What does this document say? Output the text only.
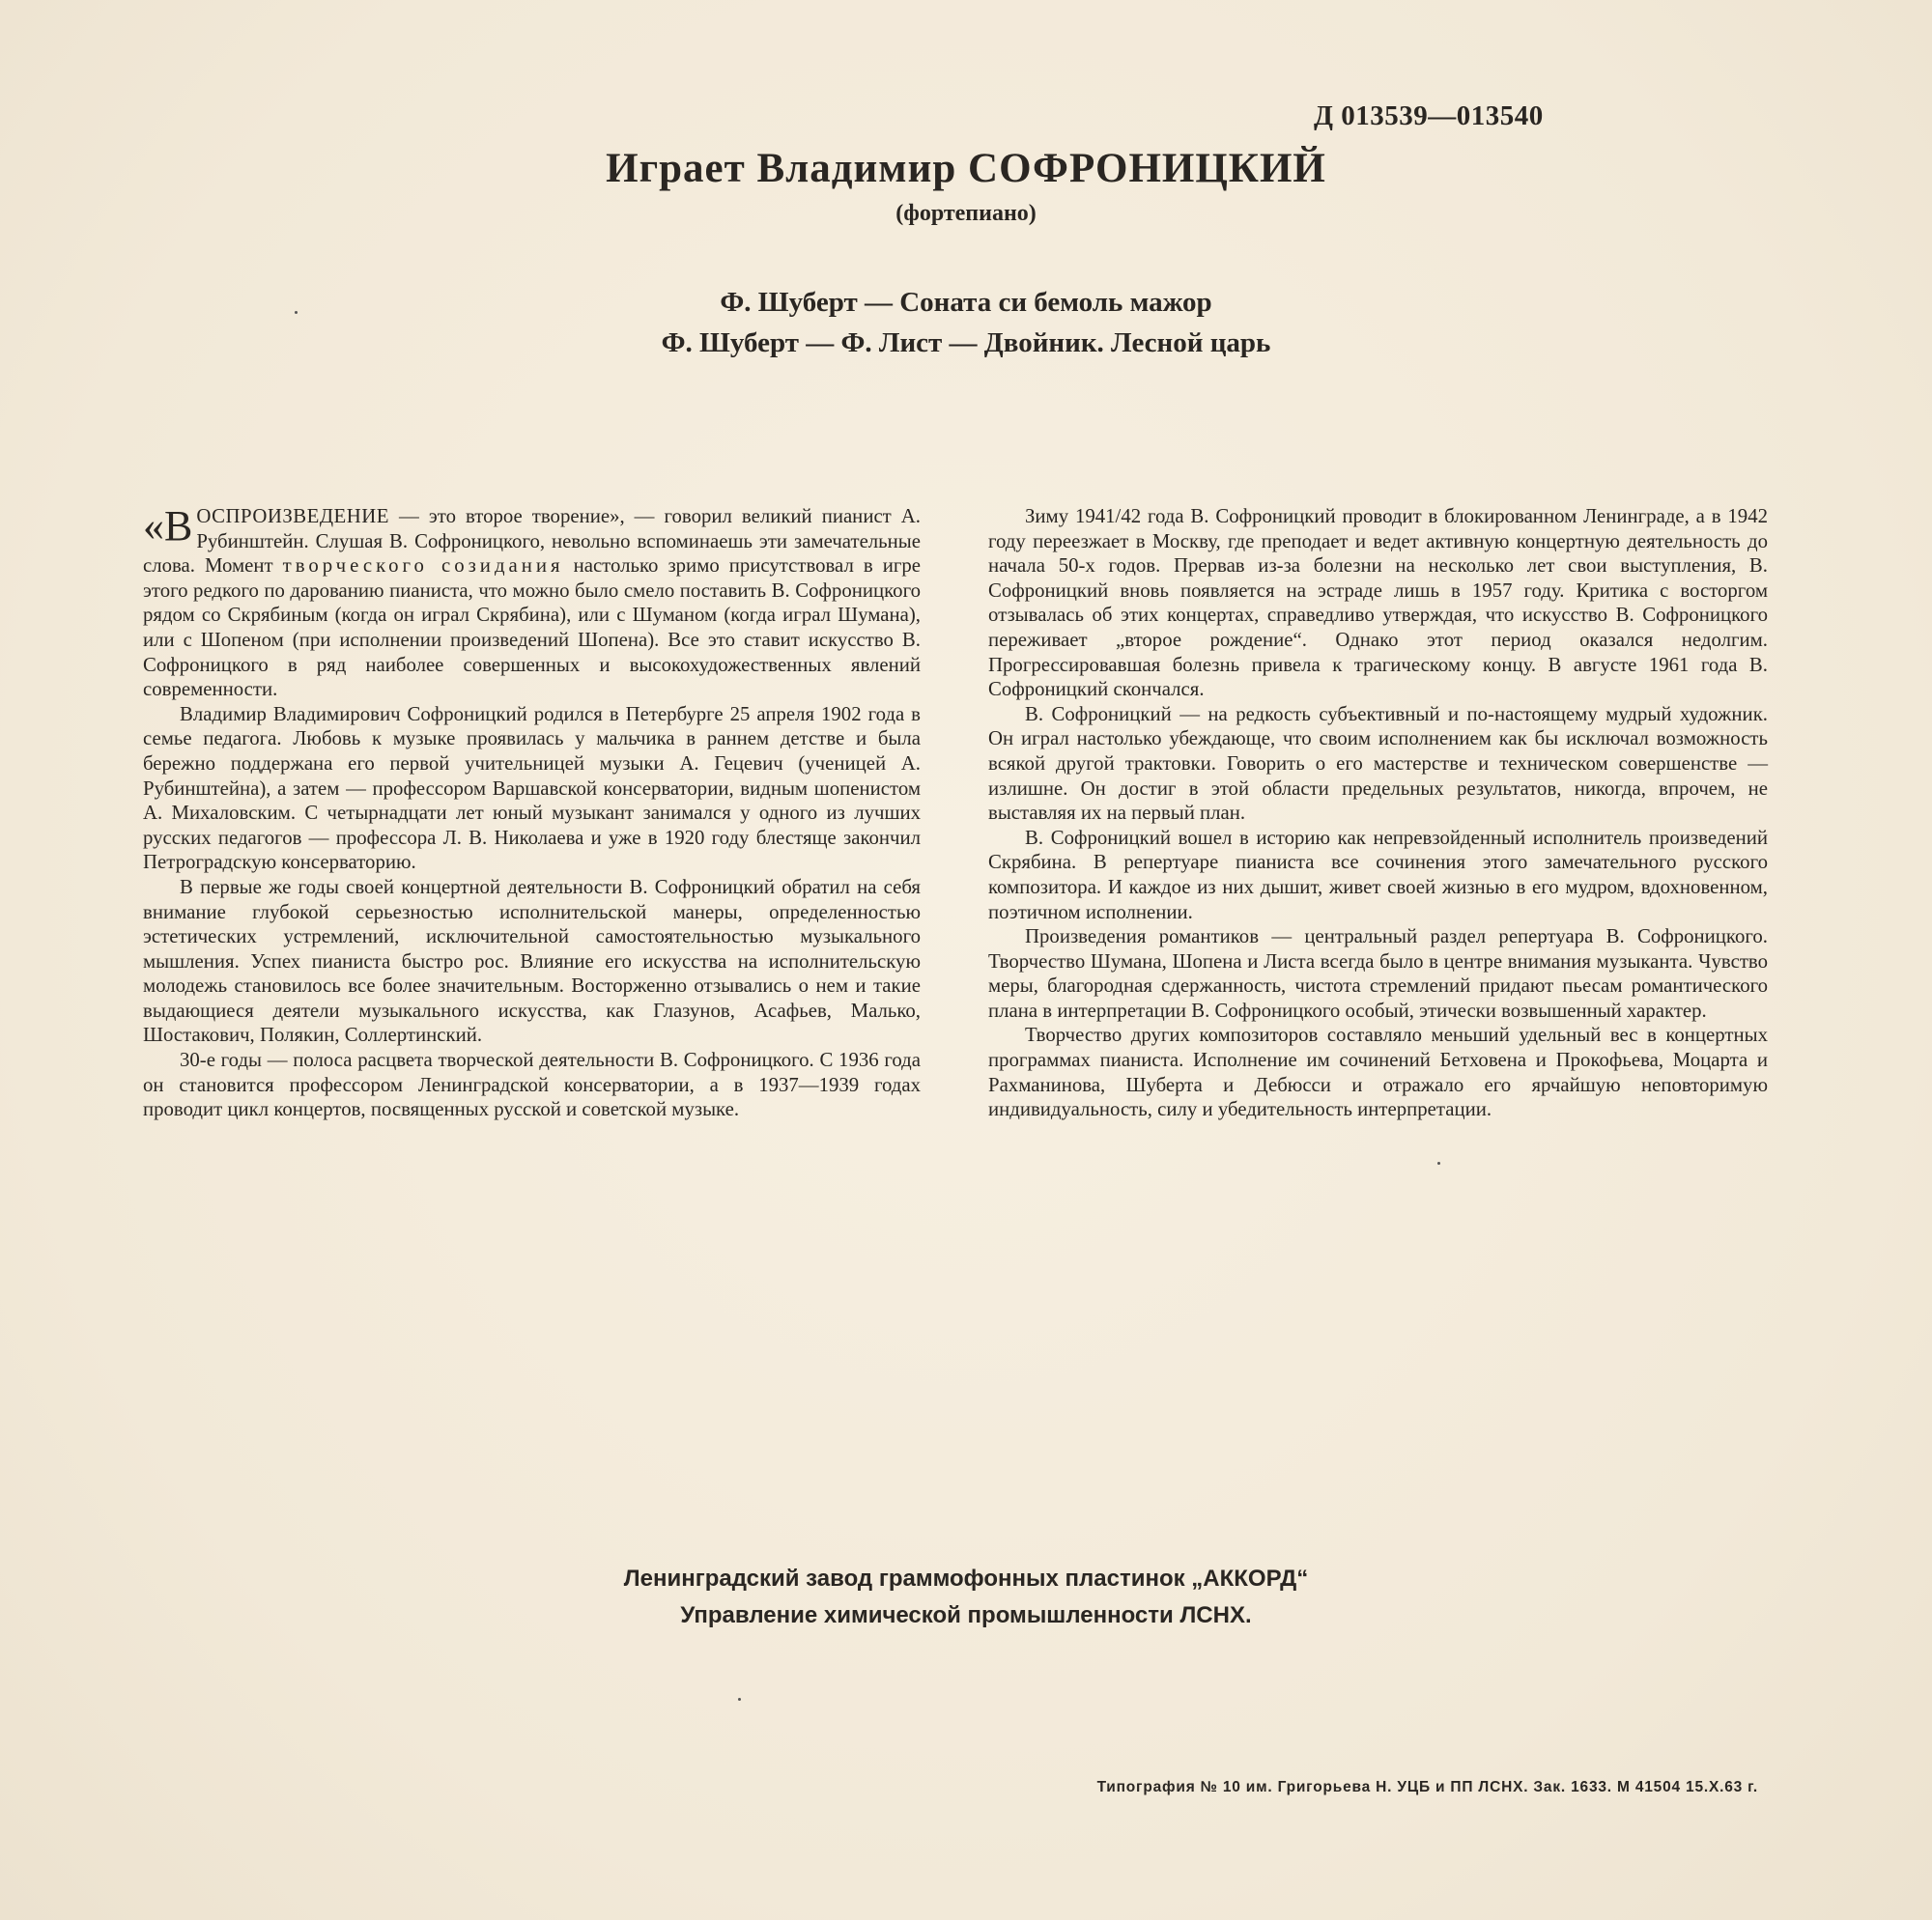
Д 013539—013540
Играет Владимир СОФРОНИЦКИЙ
(фортепиано)
Ф. Шуберт — Соната си бемоль мажор
Ф. Шуберт — Ф. Лист — Двойник. Лесной царь

«В ОСПРОИЗВЕДЕНИЕ — это второе творение», — говорил великий пианист А. Рубинштейн. Слушая В. Софроницкого, невольно вспоминаешь эти замечательные слова. Момент творческого созидания настолько зримо присутствовал в игре этого редкого по дарованию пианиста, что можно было смело поставить В. Софроницкого рядом со Скрябиным (когда он играл Скрябина), или с Шуманом (когда играл Шумана), или с Шопеном (при исполнении произведений Шопена). Все это ставит искусство В. Софроницкого в ряд наиболее совершенных и высокохудожественных явлений современности.

Владимир Владимирович Софроницкий родился в Петербурге 25 апреля 1902 года в семье педагога. Любовь к музыке проявилась у мальчика в раннем детстве и была бережно поддержана его первой учительницей музыки А. Гецевич (ученицей А. Рубинштейна), а затем — профессором Варшавской консерватории, видным шопенистом А. Михаловским. С четырнадцати лет юный музыкант занимался у одного из лучших русских педагогов — профессора Л. В. Николаева и уже в 1920 году блестяще закончил Петроградскую консерваторию.

В первые же годы своей концертной деятельности В. Софроницкий обратил на себя внимание глубокой серьезностью исполнительской манеры, определенностью эстетических устремлений, исключительной самостоятельностью музыкального мышления. Успех пианиста быстро рос. Влияние его искусства на исполнительскую молодежь становилось все более значительным. Восторженно отзывались о нем и такие выдающиеся деятели музыкального искусства, как Глазунов, Асафьев, Малько, Шостакович, Полякин, Соллертинский.

30-е годы — полоса расцвета творческой деятельности В. Софроницкого. С 1936 года он становится профессором Ленинградской консерватории, а в 1937—1939 годах проводит цикл концертов, посвященных русской и советской музыке.

Зиму 1941/42 года В. Софроницкий проводит в блокированном Ленинграде, а в 1942 году переезжает в Москву, где преподает и ведет активную концертную деятельность до начала 50-х годов. Прервав из-за болезни на несколько лет свои выступления, В. Софроницкий вновь появляется на эстраде лишь в 1957 году. Критика с восторгом отзывалась об этих концертах, справедливо утверждая, что искусство В. Софроницкого переживает „второе рождение“. Однако этот период оказался недолгим. Прогрессировавшая болезнь привела к трагическому концу. В августе 1961 года В. Софроницкий скончался.

В. Софроницкий — на редкость субъективный и по-настоящему мудрый художник. Он играл настолько убеждающе, что своим исполнением как бы исключал возможность всякой другой трактовки. Говорить о его мастерстве и техническом совершенстве — излишне. Он достиг в этой области предельных результатов, никогда, впрочем, не выставляя их на первый план.

В. Софроницкий вошел в историю как непревзойденный исполнитель произведений Скрябина. В репертуаре пианиста все сочинения этого замечательного русского композитора. И каждое из них дышит, живет своей жизнью в его мудром, вдохновенном, поэтичном исполнении.

Произведения романтиков — центральный раздел репертуара В. Софроницкого. Творчество Шумана, Шопена и Листа всегда было в центре внимания музыканта. Чувство меры, благородная сдержанность, чистота стремлений придают пьесам романтического плана в интерпретации В. Софроницкого особый, этически возвышенный характер.

Творчество других композиторов составляло меньший удельный вес в концертных программах пианиста. Исполнение им сочинений Бетховена и Прокофьева, Моцарта и Рахманинова, Шуберта и Дебюсси и отражало его ярчайшую неповторимую индивидуальность, силу и убедительность интерпретации.

Ленинградский завод граммофонных пластинок „АККОРД“
Управление химической промышленности ЛСНХ.
Типография № 10 им. Григорьева Н. УЦБ и ПП ЛСНХ. Зак. 1633. М 41504 15.X.63 г.
